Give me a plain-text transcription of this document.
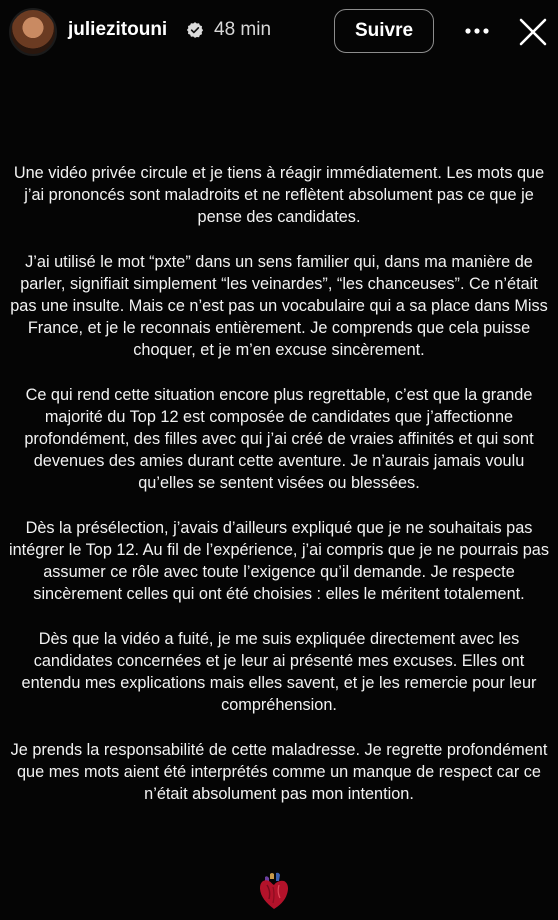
juliezitouni 48 min	Suivre

Une vidéo privée circule et je tiens à réagir immédiatement. Les mots que j’ai prononcés sont maladroits et ne reflètent absolument pas ce que je pense des candidates.

J’ai utilisé le mot “pxte” dans un sens familier qui, dans ma manière de parler, signifiait simplement “les veinardes”, “les chanceuses”. Ce n’était pas une insulte. Mais ce n’est pas un vocabulaire qui a sa place dans Miss France, et je le reconnais entièrement. Je comprends que cela puisse choquer, et je m’en excuse sincèrement.

Ce qui rend cette situation encore plus regrettable, c’est que la grande majorité du Top 12 est composée de candidates que j’affectionne profondément, des filles avec qui j’ai créé de vraies affinités et qui sont devenues des amies durant cette aventure. Je n’aurais jamais voulu qu’elles se sentent visées ou blessées.

Dès la présélection, j’avais d’ailleurs expliqué que je ne souhaitais pas intégrer le Top 12. Au fil de l’expérience, j’ai compris que je ne pourrais pas assumer ce rôle avec toute l’exigence qu’il demande. Je respecte sincèrement celles qui ont été choisies : elles le méritent totalement.

Dès que la vidéo a fuité, je me suis expliquée directement avec les candidates concernées et je leur ai présenté mes excuses. Elles ont entendu mes explications mais elles savent, et je les remercie pour leur compréhension.

Je prends la responsabilité de cette maladresse. Je regrette profondément que mes mots aient été interprétés comme un manque de respect car ce n’était absolument pas mon intention.
